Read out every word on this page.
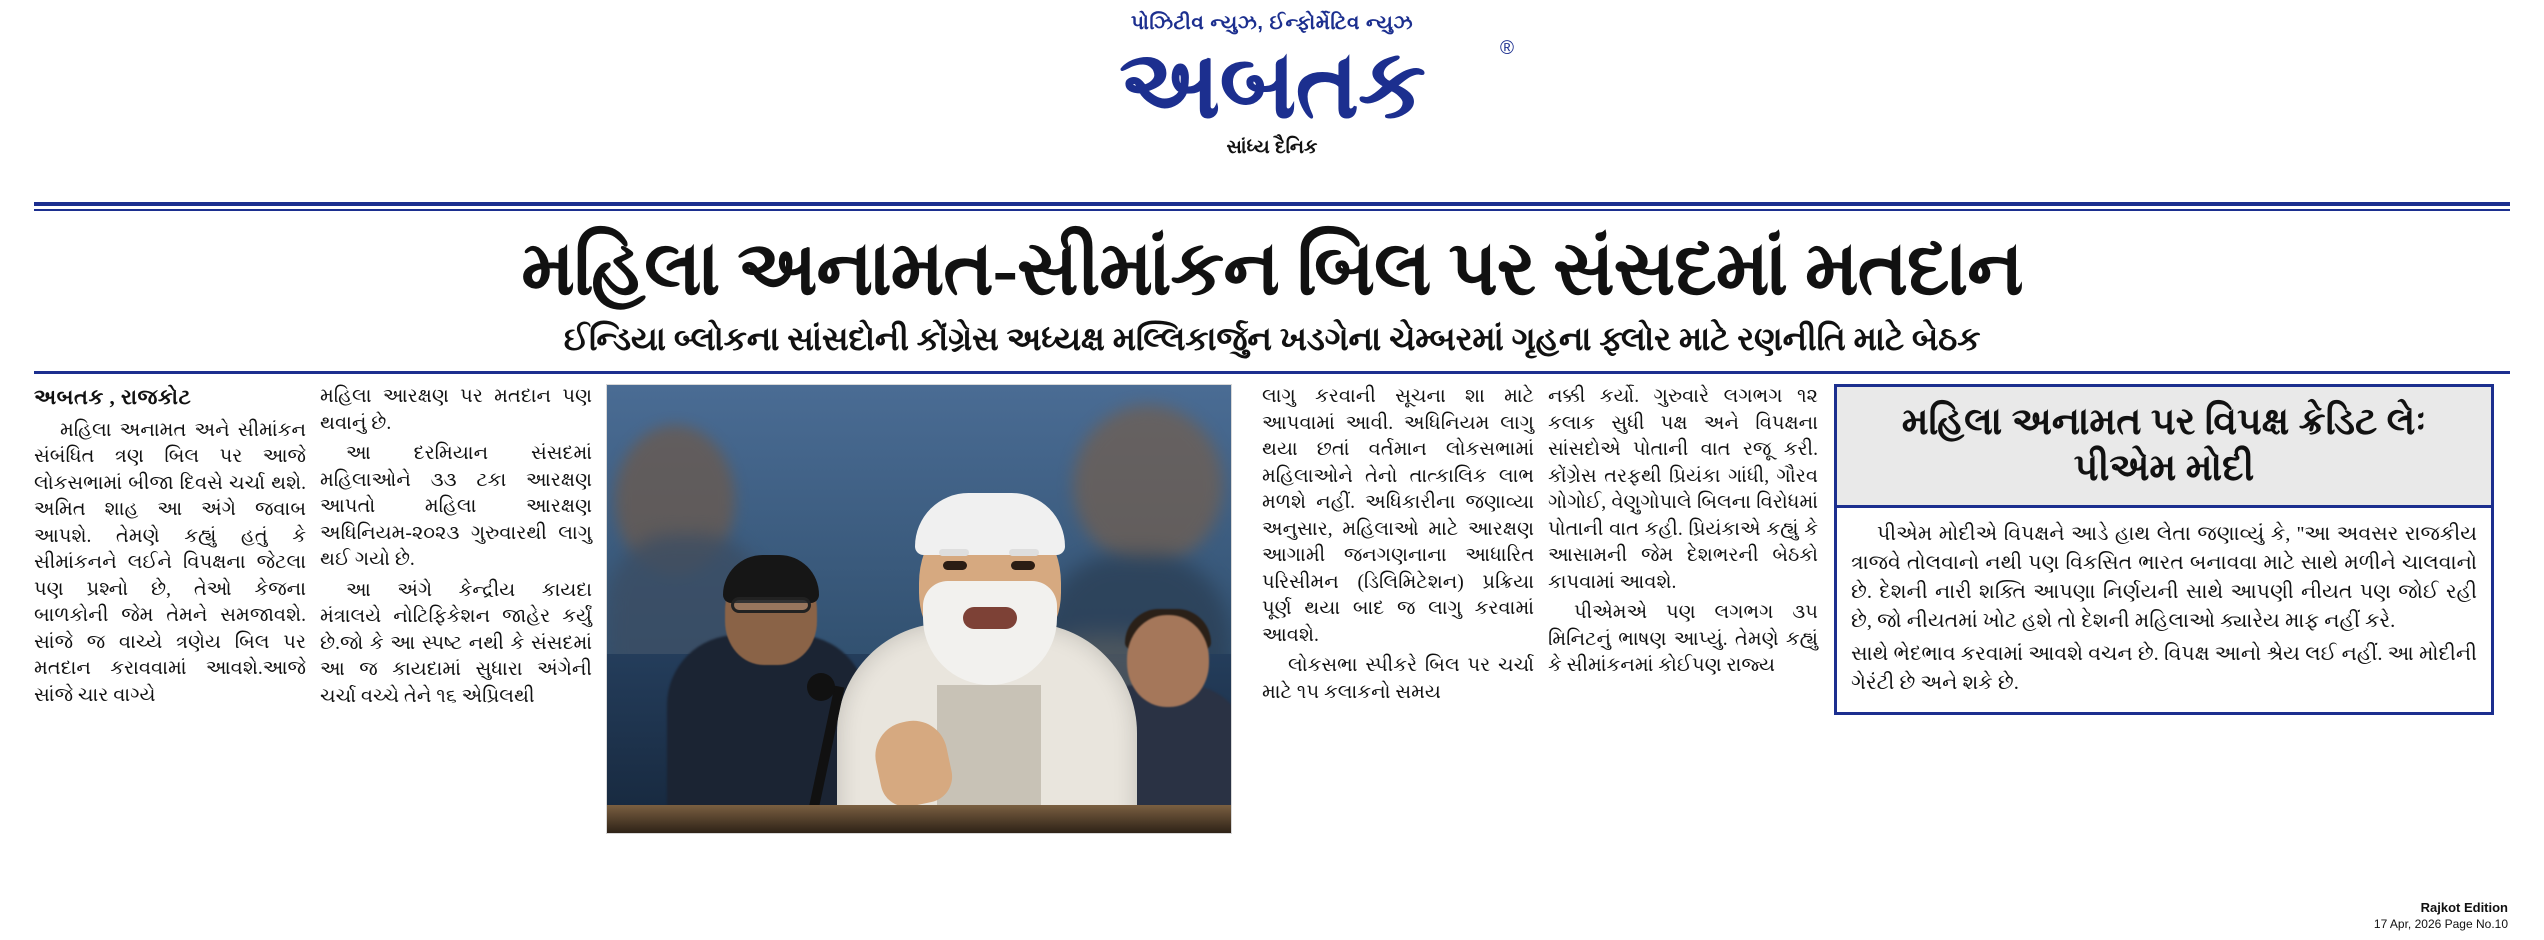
પોઝિટીવ ન્યુઝ, ઈન્ફોર્મેટિવ ન્યુઝ
અબતક	®
સાંધ્ય દૈનિક
મહિલા અનામત-સીમાંકન બિલ પર સંસદમાં મતદાન
ઈન્ડિયા બ્લોકના સાંસદોની કોંગ્રેસ અધ્યક્ષ મલ્લિકાર્જુન ખડગેના ચેમ્બરમાં ગૃહના ફ્લોર માટે રણનીતિ માટે બેઠક
અબતક , રાજકોટ

મહિલા અનામત અને સીમાંકન સંબંધિત ત્રણ બિલ પર આજે લોકસભામાં બીજા દિવસે ચર્ચા થશે. અમિત શાહ આ અંગે જવાબ આપશે. તેમણે કહ્યું હતું કે સીમાંકનને લઈને વિપક્ષના જેટલા પણ પ્રશ્નો છે, તેઓ કેજના બાળકોની જેમ તેમને સમજાવશે. સાંજે જ વાચ્યે ત્રણેય બિલ પર મતદાન કરાવવામાં આવશે.આજે સાંજે ચાર વાગ્યે

મહિલા આરક્ષણ પર મતદાન પણ થવાનું છે.

આ દરમિયાન સંસદમાં મહિલાઓને ૩૩ ટકા આરક્ષણ આપતો મહિલા આરક્ષણ અધિનિયમ-૨૦૨૩ ગુરુવારથી લાગુ થઈ ગયો છે.

આ અંગે કેન્દ્રીય કાયદા મંત્રાલયે નોટિફિકેશન જાહેર કર્યું છે.જો કે આ સ્પષ્ટ નથી કે સંસદમાં આ જ કાયદામાં સુધારા અંગેની ચર્ચા વચ્ચે તેને ૧૬ એપ્રિલથી

લાગુ કરવાની સૂચના શા માટે આપવામાં આવી. અધિનિયમ લાગુ થયા છતાં વર્તમાન લોકસભામાં મહિલાઓને તેનો તાત્કાલિક લાભ મળશે નહીં. અધિકારીના જણાવ્યા અનુસાર, મહિલાઓ માટે આરક્ષણ આગામી જનગણનાના આધારિત પરિસીમન (ડિલિમિટેશન) પ્રક્રિયા પૂર્ણ થયા બાદ જ લાગુ કરવામાં આવશે.

લોકસભા સ્પીકરે બિલ પર ચર્ચા માટે ૧૫ કલાકનો સમય

નક્કી કર્યો. ગુરુવારે લગભગ ૧૨ કલાક સુધી પક્ષ અને વિપક્ષના સાંસદોએ પોતાની વાત રજૂ કરી. કોંગ્રેસ તરફથી પ્રિયંકા ગાંધી, ગૌરવ ગોગોઈ, વેણુગોપાલે બિલના વિરોધમાં પોતાની વાત કહી. પ્રિયંકાએ કહ્યું કે આસામની જેમ દેશભરની બેઠકો કાપવામાં આવશે.

પીએમએ પણ લગભગ ૩૫ મિનિટનું ભાષણ આપ્યું. તેમણે કહ્યું કે સીમાંકનમાં કોઈપણ રાજ્ય

મહિલા અનામત પર વિપક્ષ ક્રેડિટ લેઃ પીએમ મોદી

પીએમ મોદીએ વિપક્ષને આડે હાથ લેતા જણાવ્યું કે, ''આ અવસર રાજકીય ત્રાજવે તોલવાનો નથી પણ વિકસિત ભારત બનાવવા માટે સાથે મળીને ચાલવાનો છે. દેશની નારી શક્તિ આપણા નિર્ણયની સાથે આપણી નીયત પણ જોઈ રહી છે, જો નીયતમાં ખોટ હશે તો દેશની મહિલાઓ ક્યારેય માફ નહીં કરે.

સાથે ભેદભાવ કરવામાં આવશે વચન છે. વિપક્ષ આનો શ્રેય લઈ નહીં. આ મોદીની ગેરંટી છે અને શકે છે.

Rajkot Edition
17 Apr, 2026 Page No.10
